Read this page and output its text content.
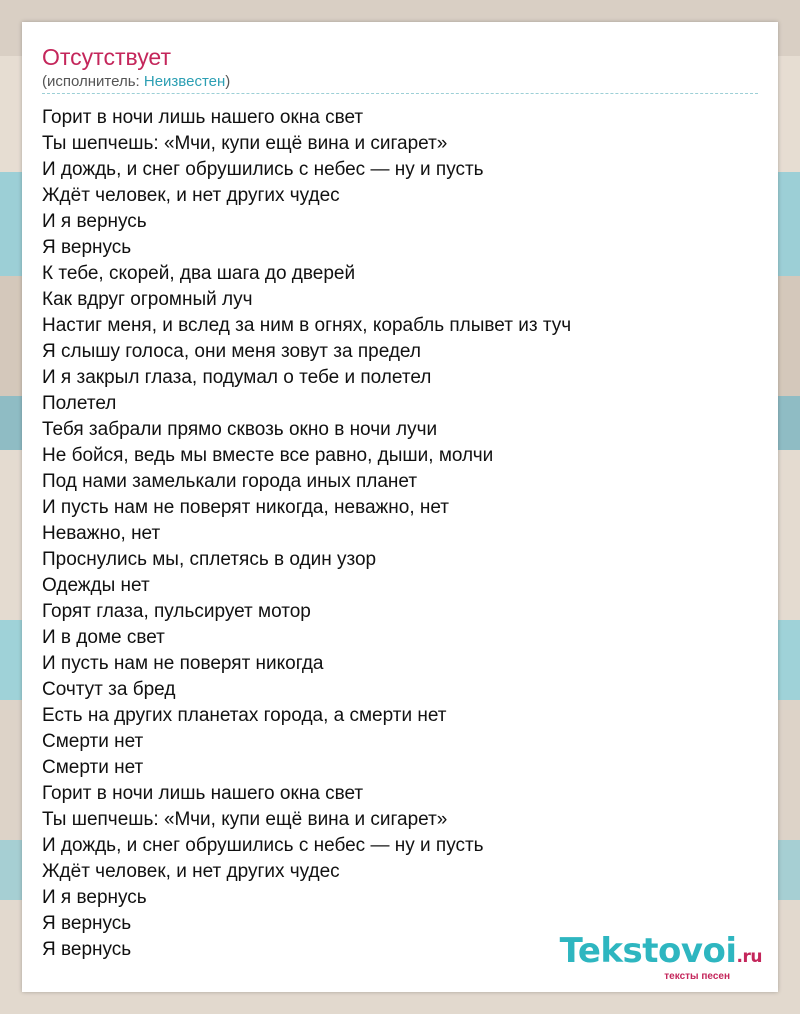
Отсутствует
(исполнитель: Неизвестен)
Горит в ночи лишь нашего окна свет
Ты шепчешь: «Мчи, купи ещё вина и сигарет»
И дождь, и снег обрушились с небес — ну и пусть
Ждёт человек, и нет других чудес
И я вернусь
Я вернусь
К тебе, скорей, два шага до дверей
Как вдруг огромный луч
Настиг меня, и вслед за ним в огнях, корабль плывет из туч
Я слышу голоса, они меня зовут за предел
И я закрыл глаза, подумал о тебе и полетел
Полетел
Тебя забрали прямо сквозь окно в ночи лучи
Не бойся, ведь мы вместе все равно, дыши, молчи
Под нами замелькали города иных планет
И пусть нам не поверят никогда, неважно, нет
Неважно, нет
Проснулись мы, сплетясь в один узор
Одежды нет
Горят глаза, пульсирует мотор
И в доме свет
И пусть нам не поверят никогда
Сочтут за бред
Есть на других планетах города, а смерти нет
Смерти нет
Смерти нет
Горит в ночи лишь нашего окна свет
Ты шепчешь: «Мчи, купи ещё вина и сигарет»
И дождь, и снег обрушились с небес — ну и пусть
Ждёт человек, и нет других чудес
И я вернусь
Я вернусь
Я вернусь	Tekstovoi.ru
тексты песен
